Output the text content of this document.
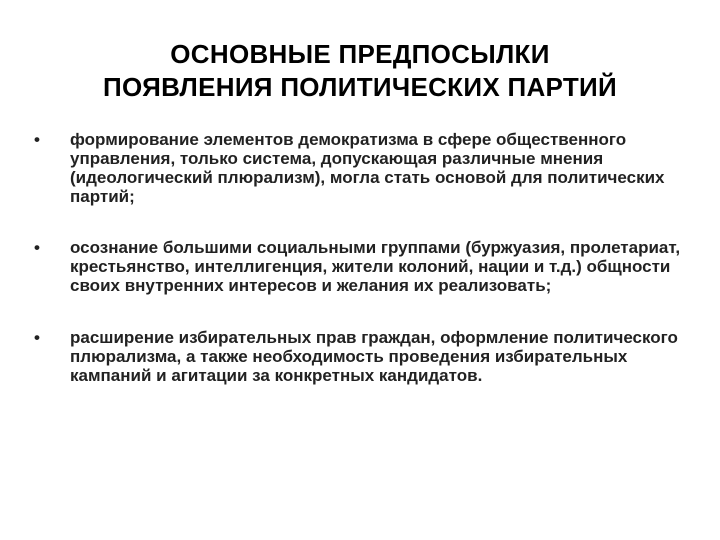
ОСНОВНЫЕ ПРЕДПОСЫЛКИ
ПОЯВЛЕНИЯ ПОЛИТИЧЕСКИХ ПАРТИЙ
• формирование элементов демократизма в сфере общественного управления, только система, допускающая различные мнения (идеологический плюрализм), могла стать основой для политических партий;
• осознание большими социальными группами (буржуазия, пролетариат, крестьянство, интеллигенция, жители колоний, нации и т.д.) общности своих внутренних интересов и желания их реализовать;
• расширение избирательных прав граждан, оформление политического плюрализма, а также необходимость проведения избирательных кампаний и агитации за конкретных кандидатов.
